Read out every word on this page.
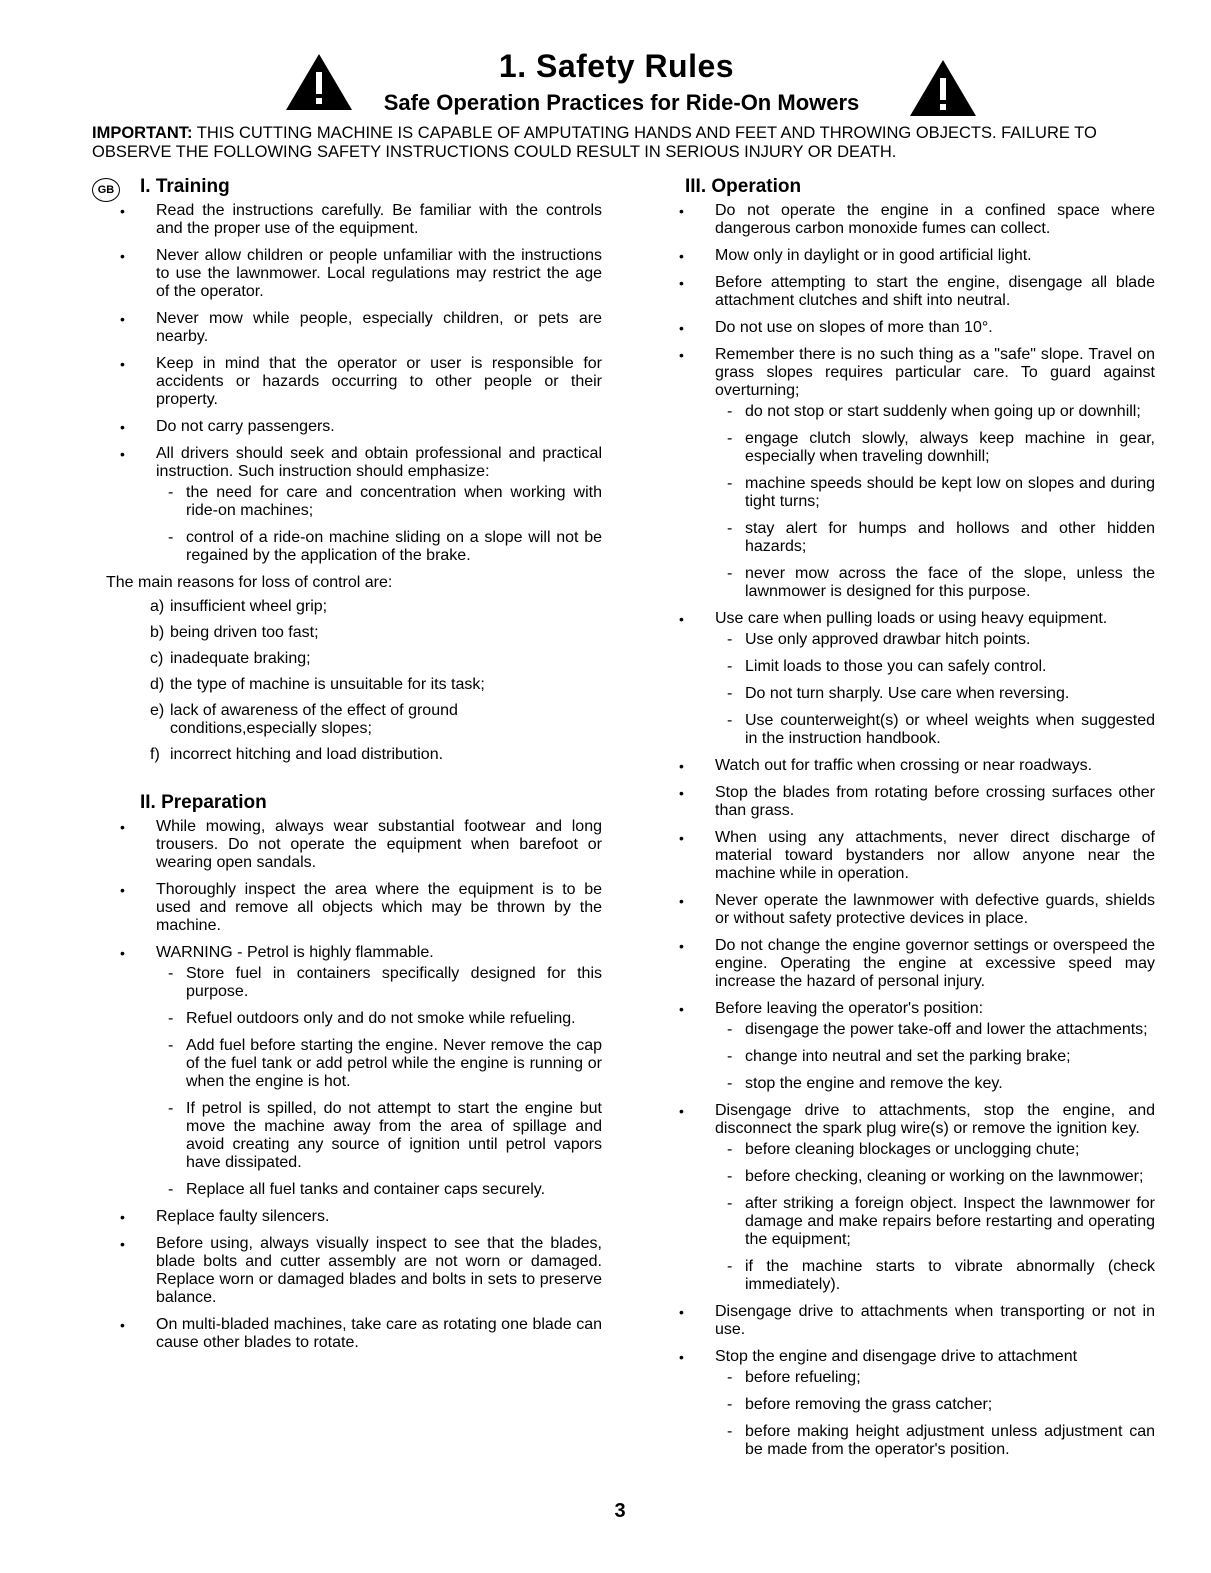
1. Safety Rules
Safe Operation Practices for Ride-On Mowers
IMPORTANT: THIS CUTTING MACHINE IS CAPABLE OF AMPUTATING HANDS AND FEET AND THROWING OBJECTS. FAILURE TO OBSERVE THE FOLLOWING SAFETY INSTRUCTIONS COULD RESULT IN SERIOUS INJURY OR DEATH.
GB	I. Training
• Read the instructions carefully. Be familiar with the controls and the proper use of the equipment.
• Never allow children or people unfamiliar with the instructions to use the lawnmower. Local regulations may restrict the age of the operator.
• Never mow while people, especially children, or pets are nearby.
• Keep in mind that the operator or user is responsible for accidents or hazards occurring to other people or their property.
• Do not carry passengers.
• All drivers should seek and obtain professional and practical instruction. Such instruction should emphasize:
- the need for care and concentration when working with ride-on machines;
- control of a ride-on machine sliding on a slope will not be regained by the application of the brake.

The main reasons for loss of control are:

a) insufficient wheel grip;
b) being driven too fast;
c) inadequate braking;
d) the type of machine is unsuitable for its task;
e) lack of awareness of the effect of ground conditions,especially slopes;
f) incorrect hitching and load distribution.
II. Preparation
• While mowing, always wear substantial footwear and long trousers. Do not operate the equipment when barefoot or wearing open sandals.
• Thoroughly inspect the area where the equipment is to be used and remove all objects which may be thrown by the machine.
• WARNING - Petrol is highly flammable.
- Store fuel in containers specifically designed for this purpose.
- Refuel outdoors only and do not smoke while refueling.
- Add fuel before starting the engine. Never remove the cap of the fuel tank or add petrol while the engine is running or when the engine is hot.
- If petrol is spilled, do not attempt to start the engine but move the machine away from the area of spillage and avoid creating any source of ignition until petrol vapors have dissipated.
- Replace all fuel tanks and container caps securely.
• Replace faulty silencers.
• Before using, always visually inspect to see that the blades, blade bolts and cutter assembly are not worn or damaged. Replace worn or damaged blades and bolts in sets to preserve balance.
• On multi-bladed machines, take care as rotating one blade can cause other blades to rotate.
III. Operation
• Do not operate the engine in a confined space where dangerous carbon monoxide fumes can collect.
• Mow only in daylight or in good artificial light.
• Before attempting to start the engine, disengage all blade attachment clutches and shift into neutral.
• Do not use on slopes of more than 10°.
• Remember there is no such thing as a "safe" slope. Travel on grass slopes requires particular care. To guard against overturning;
- do not stop or start suddenly when going up or downhill;
- engage clutch slowly, always keep machine in gear, especially when traveling downhill;
- machine speeds should be kept low on slopes and during tight turns;
- stay alert for humps and hollows and other hidden hazards;
- never mow across the face of the slope, unless the lawnmower is designed for this purpose.
• Use care when pulling loads or using heavy equipment.
- Use only approved drawbar hitch points.
- Limit loads to those you can safely control.
- Do not turn sharply. Use care when reversing.
- Use counterweight(s) or wheel weights when suggested in the instruction handbook.
• Watch out for traffic when crossing or near roadways.
• Stop the blades from rotating before crossing surfaces other than grass.
• When using any attachments, never direct discharge of material toward bystanders nor allow anyone near the machine while in operation.
• Never operate the lawnmower with defective guards, shields or without safety protective devices in place.
• Do not change the engine governor settings or overspeed the engine. Operating the engine at excessive speed may increase the hazard of personal injury.
• Before leaving the operator's position:
- disengage the power take-off and lower the attachments;
- change into neutral and set the parking brake;
- stop the engine and remove the key.
• Disengage drive to attachments, stop the engine, and disconnect the spark plug wire(s) or remove the ignition key.
- before cleaning blockages or unclogging chute;
- before checking, cleaning or working on the lawnmower;
- after striking a foreign object. Inspect the lawnmower for damage and make repairs before restarting and operating the equipment;
- if the machine starts to vibrate abnormally (check immediately).
• Disengage drive to attachments when transporting or not in use.
• Stop the engine and disengage drive to attachment
- before refueling;
- before removing the grass catcher;
- before making height adjustment unless adjustment can be made from the operator's position.
3
